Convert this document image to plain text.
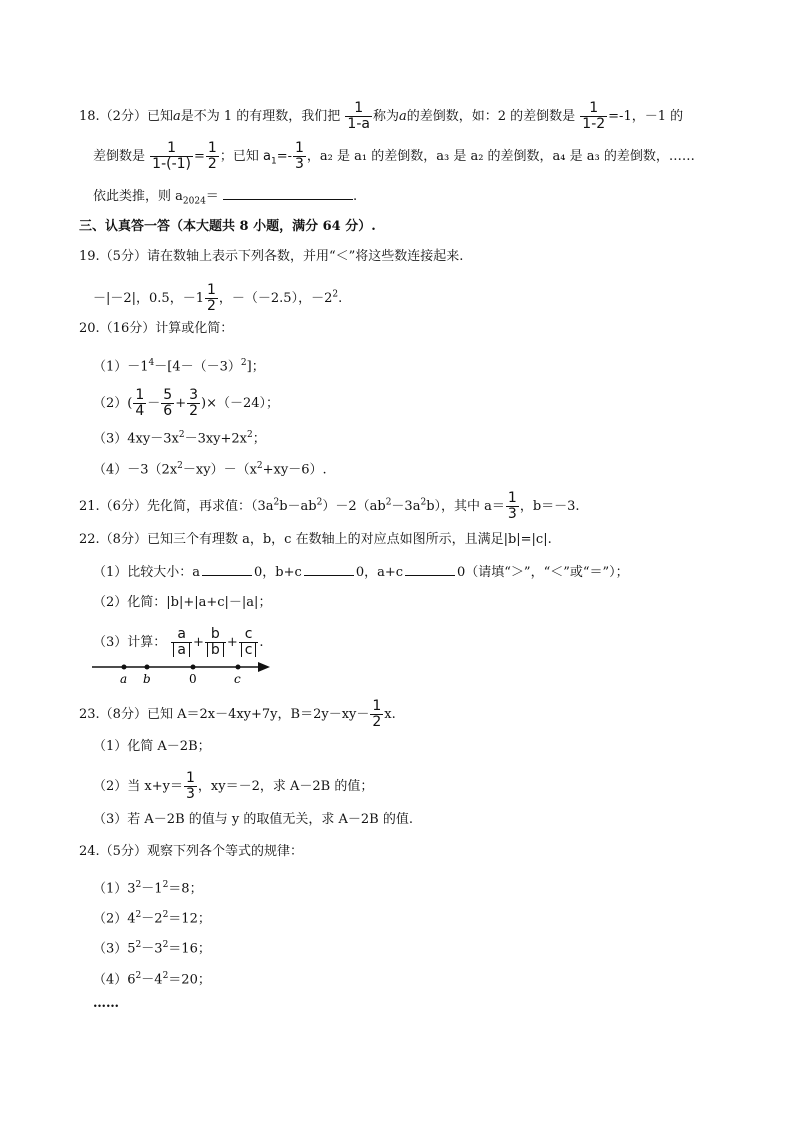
18.（2分）已知a是不为 1 的有理数，我们把 $\frac{1}{1-a}$ 称为a的差倒数，如：2 的差倒数是 $\frac{1}{1-2} =-1$，－1 的
差倒数是 $\frac{1}{1-(-1)} = \frac{1}{2}$ ；已知 $a_1=- \frac{1}{3}$ ，a₂ 是 a₁ 的差倒数，a₃ 是 a₂ 的差倒数，a₄ 是 a₃ 的差倒数，……
依此类推，则 $a_{2024}=$	.
三、认真答一答（本大题共 8 小题，满分 64 分）.
19.（5分）请在数轴上表示下列各数，并用“＜”将这些数连接起来.
－|－2|，0.5，$-1 \frac{1}{2}$ ，－（－2.5），$-2^2$.
20.（16分）计算或化简：
$(1)-1^4-[4-(-3)^2]$；
$(2)( \frac{1}{4} - \frac{5}{6} + \frac{3}{2} )\times(-24)$；
$(3)4xy-3x^2-3xy+2x^2$；
$(4)-3(2x^2-xy)-(x^2+xy-6)$.
21.（6分）先化简，再求值：$(3a^2b-ab^2)-2(ab^2-3a^2b)$，其中 $a= \frac{1}{3}$ ，b＝－3.
22.（8分）已知三个有理数 a，b，c 在数轴上的对应点如图所示，且满足|b|=|c|.
（1）比较大小：a	0，b+c	0，a+c	0（请填“＞”，“＜”或“＝”）；
（2）化简：|b|+|a+c|－|a|；
（3）计算： $\frac{a}{a} + \frac{b}{b} + \frac{c}{c}$ .
a b	0	c
23.（8分）已知 A＝2x－4xy+7y，$B=2y-xy- \frac{1}{2} x$.
（1）化简 A－2B；
（2）当 $x+y= \frac{1}{3}$ ，xy＝－2，求 A－2B 的值；
（3）若 A－2B 的值与 y 的取值无关，求 A－2B 的值.
24.（5分）观察下列各个等式的规律：
$(1)3^2-1^2=8$；
$(2)4^2-2^2=12$；
$(3)5^2-3^2=16$；
$(4)6^2-4^2=20$；
……
